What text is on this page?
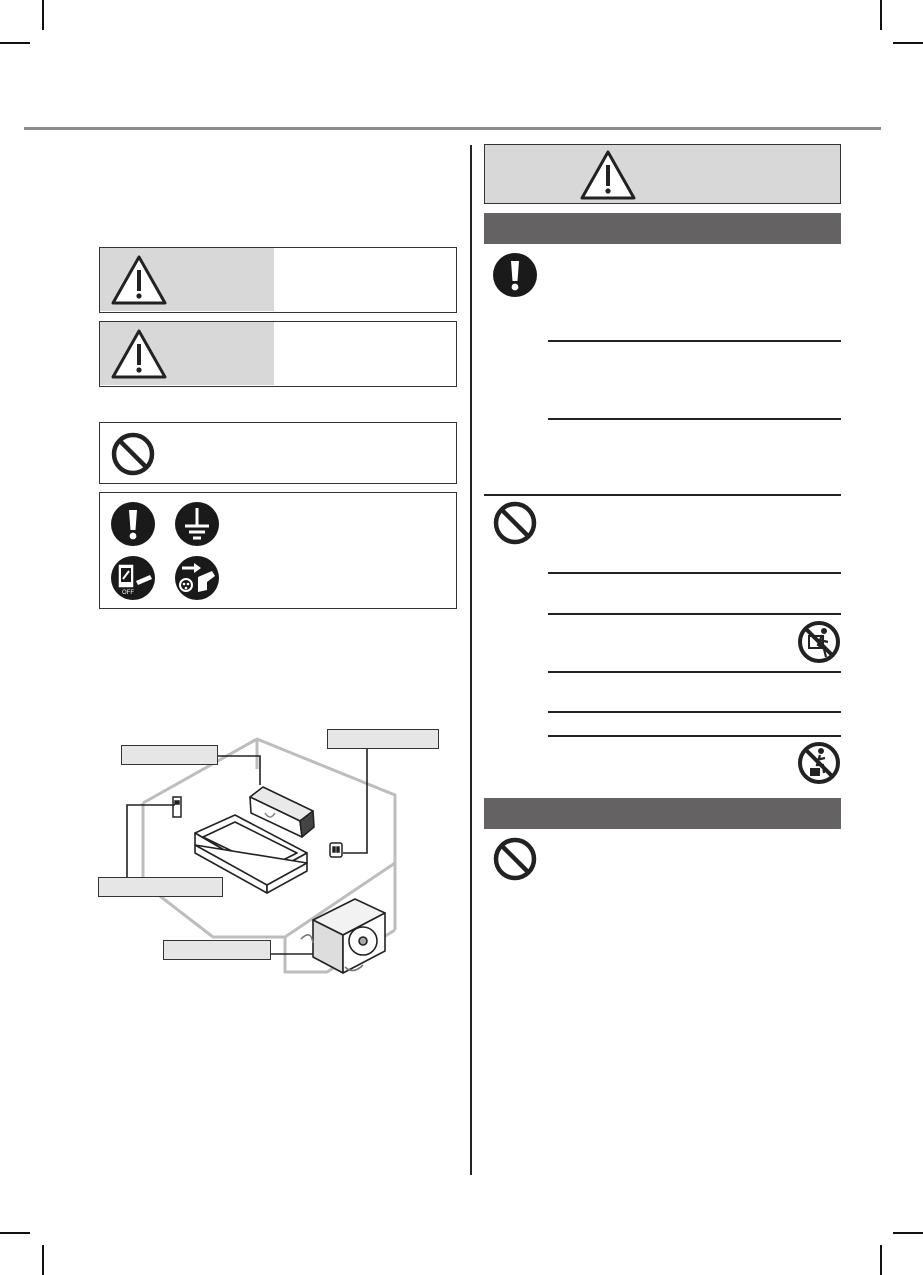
OFF
